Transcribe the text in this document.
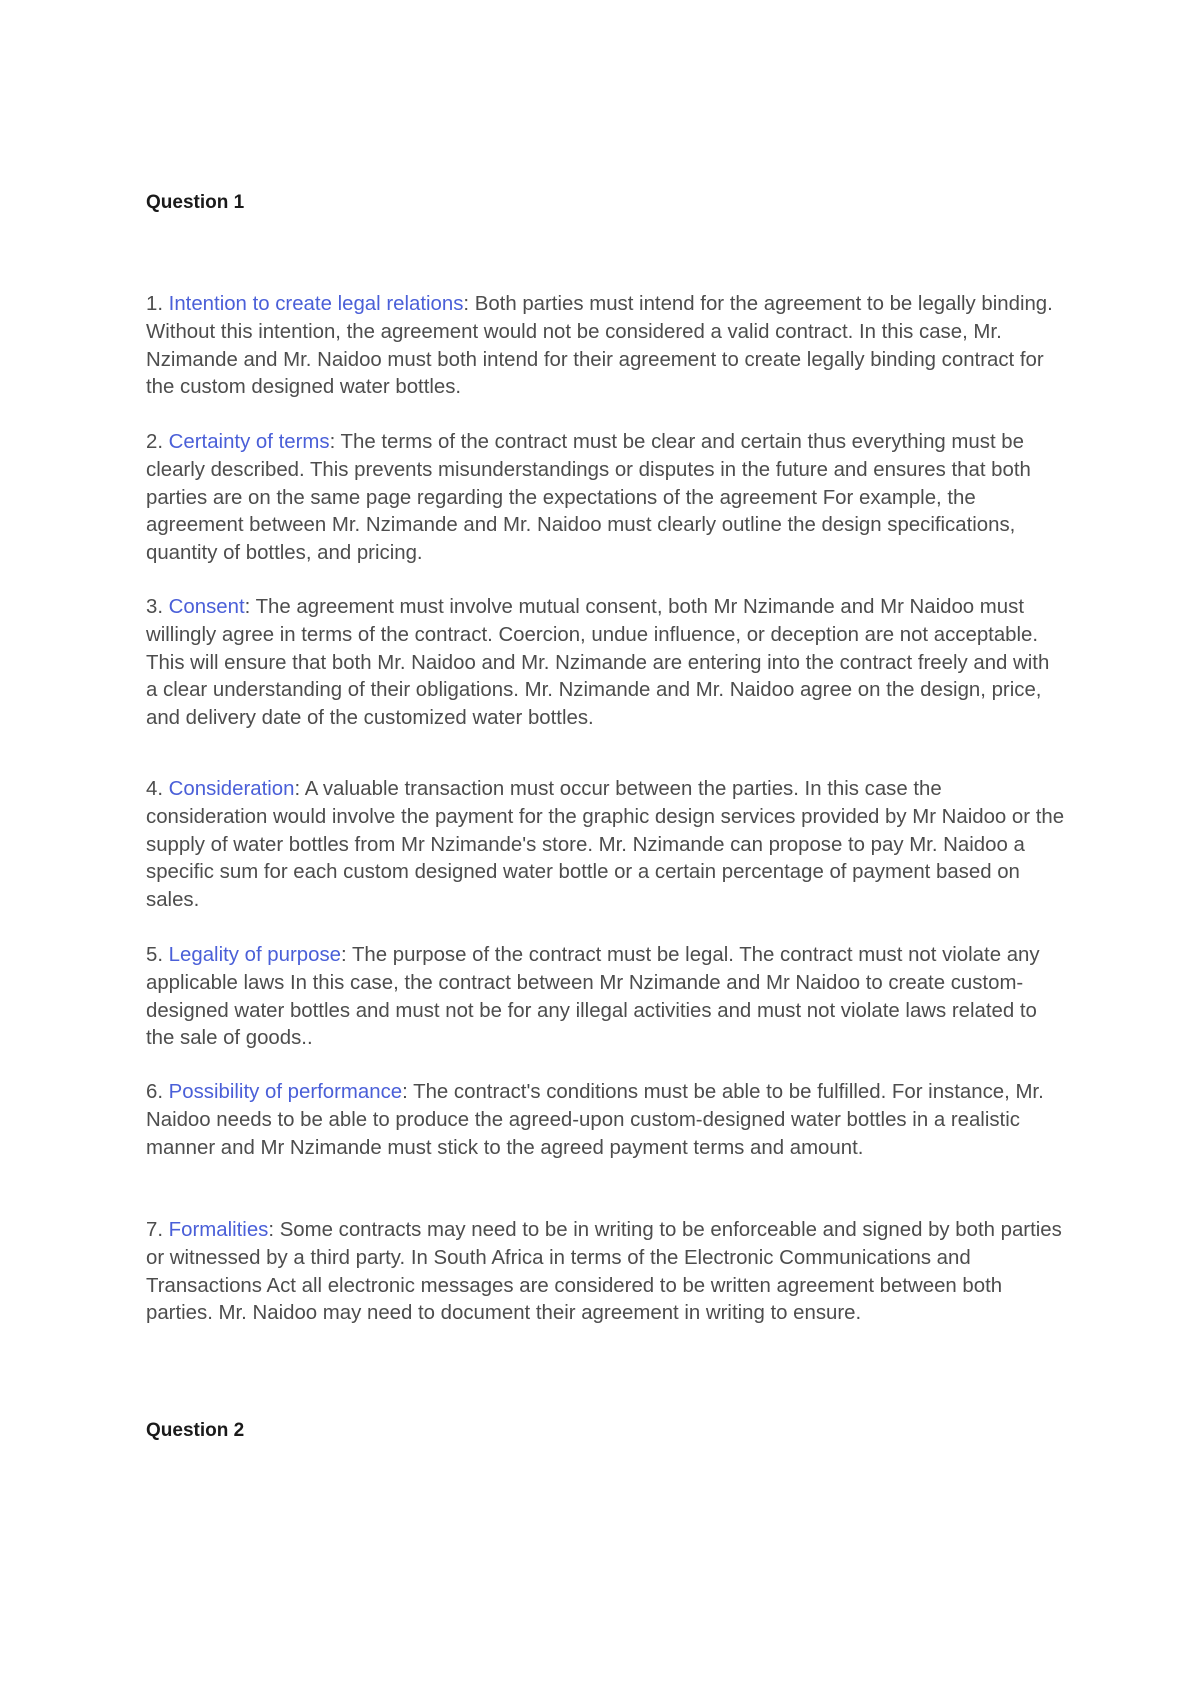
Question 1

1. Intention to create legal relations: Both parties must intend for the agreement to be legally binding. Without this intention, the agreement would not be considered a valid contract. In this case, Mr. Nzimande and Mr. Naidoo must both intend for their agreement to create legally binding contract for the custom designed water bottles.

2. Certainty of terms: The terms of the contract must be clear and certain thus everything must be clearly described. This prevents misunderstandings or disputes in the future and ensures that both parties are on the same page regarding the expectations of the agreement For example, the agreement between Mr. Nzimande and Mr. Naidoo must clearly outline the design specifications, quantity of bottles, and pricing.

3. Consent: The agreement must involve mutual consent, both Mr Nzimande and Mr Naidoo must willingly agree in terms of the contract. Coercion, undue influence, or deception are not acceptable. This will ensure that both Mr. Naidoo and Mr. Nzimande are entering into the contract freely and with a clear understanding of their obligations. Mr. Nzimande and Mr. Naidoo agree on the design, price, and delivery date of the customized water bottles.

4. Consideration: A valuable transaction must occur between the parties. In this case the consideration would involve the payment for the graphic design services provided by Mr Naidoo or the supply of water bottles from Mr Nzimande's store. Mr. Nzimande can propose to pay Mr. Naidoo a specific sum for each custom designed water bottle or a certain percentage of payment based on sales.

5. Legality of purpose: The purpose of the contract must be legal. The contract must not violate any applicable laws In this case, the contract between Mr Nzimande and Mr Naidoo to create custom-designed water bottles and must not be for any illegal activities and must not violate laws related to the sale of goods..

6. Possibility of performance: The contract's conditions must be able to be fulfilled. For instance, Mr. Naidoo needs to be able to produce the agreed-upon custom-designed water bottles in a realistic manner and Mr Nzimande must stick to the agreed payment terms and amount.

7. Formalities: Some contracts may need to be in writing to be enforceable and signed by both parties or witnessed by a third party. In South Africa in terms of the Electronic Communications and Transactions Act all electronic messages are considered to be written agreement between both parties. Mr. Naidoo may need to document their agreement in writing to ensure.

Question 2
